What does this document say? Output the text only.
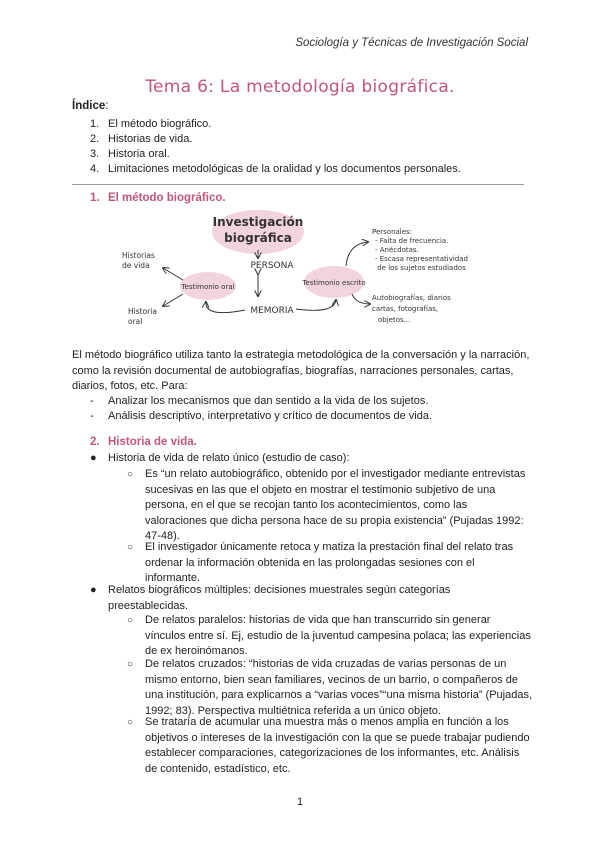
Sociología y Técnicas de Investigación Social
Tema 6: La metodología biográfica.
Índice:
1. El método biográfico.
2. Historias de vida.
3. Historia oral.
4. Limitaciones metodológicas de la oralidad y los documentos personales.
1. El método biográfico.
Investigación
biográfica
PERSONA
MEMORIA
Testimonio oral	Testimonio escrito
Historias de vida
Historia oral
Personales: - Falta de frecuencia. - Anécdotas. - Escasa representatividad de los sujetos estudiados
Autobiografías, diarios cartas, fotografías, objetos...
El método biográfico utiliza tanto la estrategia metodológica de la conversación y la narración, como la revisión documental de autobiografías, biografías, narraciones personales, cartas, diarios, fotos, etc. Para:
- Analizar los mecanismos que dan sentido a la vida de los sujetos.
- Análisis descriptivo, interpretativo y crítico de documentos de vida.
2. Historia de vida.
● Historia de vida de relato único (estudio de caso):
○ Es “un relato autobiográfico, obtenido por el investigador mediante entrevistas sucesivas en las que el objeto en mostrar el testimonio subjetivo de una persona, en el que se recojan tanto los acontecimientos, como las valoraciones que dicha persona hace de su propia existencia” (Pujadas 1992: 47-48).
○ El investigador únicamente retoca y matiza la prestación final del relato tras ordenar la información obtenida en las prolongadas sesiones con el informante.
● Relatos biográficos múltiples: decisiones muestrales según categorías preestablecidas.
○ De relatos paralelos: historias de vida que han transcurrido sin generar vínculos entre sí. Ej, estudio de la juventud campesina polaca; las experiencias de ex heroinómanos.
○ De relatos cruzados: “historias de vida cruzadas de varias personas de un mismo entorno, bien sean familiares, vecinos de un barrio, o compañeros de una institución, para explicarnos a “varias voces”“una misma historia” (Pujadas, 1992; 83). Perspectiva multiétnica referida a un único objeto.
○ Se trataría de acumular una muestra más o menos amplia en función a los objetivos o intereses de la investigación con la que se puede trabajar pudiendo establecer comparaciones, categorizaciones de los informantes, etc. Análisis de contenido, estadístico, etc.
1
